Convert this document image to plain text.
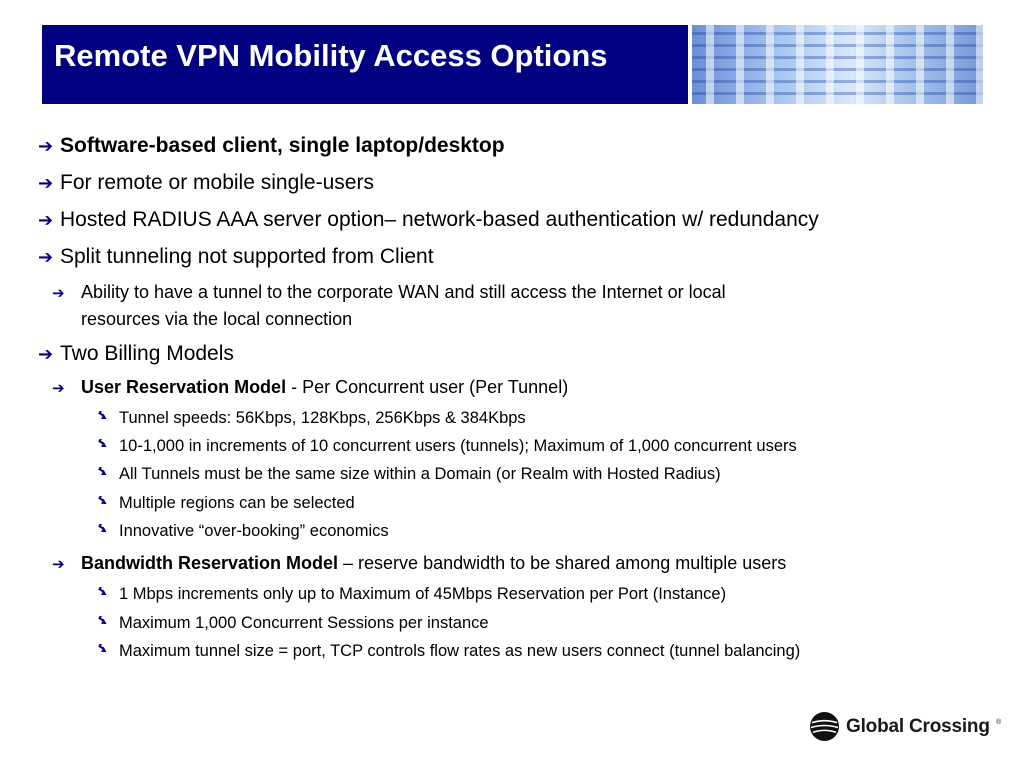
Remote VPN Mobility Access Options
➔ Software-based client, single laptop/desktop
➔ For remote or mobile single-users
➔ Hosted RADIUS AAA server option– network-based authentication w/ redundancy
➔ Split tunneling not supported from Client
➔ Ability to have a tunnel to the corporate WAN and still access the Internet or local
resources via the local connection
➔ Two Billing Models
➔ User Reservation Model - Per Concurrent user (Per Tunnel)
Tunnel speeds: 56Kbps, 128Kbps, 256Kbps & 384Kbps
10-1,000 in increments of 10 concurrent users (tunnels); Maximum of 1,000 concurrent users
All Tunnels must be the same size within a Domain (or Realm with Hosted Radius)
Multiple regions can be selected
Innovative “over-booking” economics
➔ Bandwidth Reservation Model – reserve bandwidth to be shared among multiple users
1 Mbps increments only up to Maximum of 45Mbps Reservation per Port (Instance)
Maximum 1,000 Concurrent Sessions per instance
Maximum tunnel size = port, TCP controls flow rates as new users connect (tunnel balancing)
Global Crossing ®
